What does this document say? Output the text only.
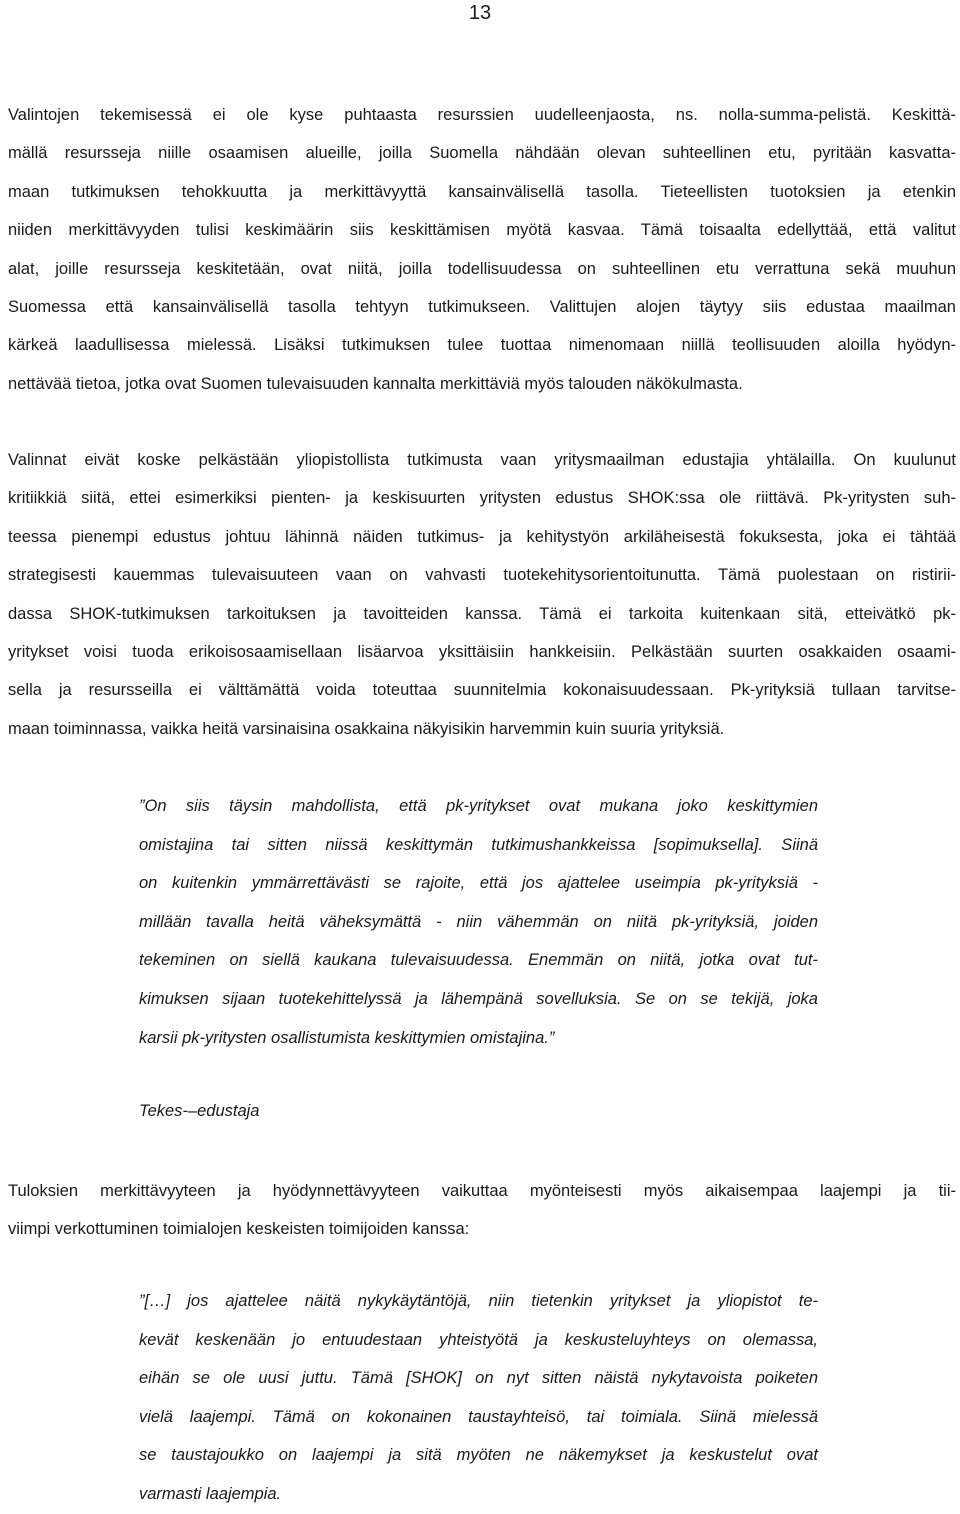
13
Valintojen tekemisessä ei ole kyse puhtaasta resurssien uudelleenjaosta, ns. nolla-summa-pelistä. Keskittä-
mällä resursseja niille osaamisen alueille, joilla Suomella nähdään olevan suhteellinen etu, pyritään kasvatta-
maan tutkimuksen tehokkuutta ja merkittävyyttä kansainvälisellä tasolla. Tieteellisten tuotoksien ja etenkin
niiden merkittävyyden tulisi keskimäärin siis keskittämisen myötä kasvaa. Tämä toisaalta edellyttää, että valitut
alat, joille resursseja keskitetään, ovat niitä, joilla todellisuudessa on suhteellinen etu verrattuna sekä muuhun
Suomessa että kansainvälisellä tasolla tehtyyn tutkimukseen. Valittujen alojen täytyy siis edustaa maailman
kärkeä laadullisessa mielessä. Lisäksi tutkimuksen tulee tuottaa nimenomaan niillä teollisuuden aloilla hyödyn-
nettävää tietoa, jotka ovat Suomen tulevaisuuden kannalta merkittäviä myös talouden näkökulmasta.
Valinnat eivät koske pelkästään yliopistollista tutkimusta vaan yritysmaailman edustajia yhtälailla. On kuulunut
kritiikkiä siitä, ettei esimerkiksi pienten- ja keskisuurten yritysten edustus SHOK:ssa ole riittävä. Pk-yritysten suh-
teessa pienempi edustus johtuu lähinnä näiden tutkimus- ja kehitystyön arkiläheisestä fokuksesta, joka ei tähtää
strategisesti kauemmas tulevaisuuteen vaan on vahvasti tuotekehitysorientoitunutta. Tämä puolestaan on ristirii-
dassa SHOK-tutkimuksen tarkoituksen ja tavoitteiden kanssa. Tämä ei tarkoita kuitenkaan sitä, etteivätkö pk-
yritykset voisi tuoda erikoisosaamisellaan lisäarvoa yksittäisiin hankkeisiin. Pelkästään suurten osakkaiden osaami-
sella ja resursseilla ei välttämättä voida toteuttaa suunnitelmia kokonaisuudessaan. Pk-yrityksiä tullaan tarvitse-
maan toiminnassa, vaikka heitä varsinaisina osakkaina näkyisikin harvemmin kuin suuria yrityksiä.
”On siis täysin mahdollista, että pk-yritykset ovat mukana joko keskittymien
omistajina tai sitten niissä keskittymän tutkimushankkeissa [sopimuksella]. Siinä
on kuitenkin ymmärrettävästi se rajoite, että jos ajattelee useimpia pk-yrityksiä -
millään tavalla heitä väheksymättä - niin vähemmän on niitä pk-yrityksiä, joiden
tekeminen on siellä kaukana tulevaisuudessa. Enemmän on niitä, jotka ovat tut-
kimuksen sijaan tuotekehittelyssä ja lähempänä sovelluksia. Se on se tekijä, joka
karsii pk-yritysten osallistumista keskittymien omistajina.”
Tekes-–edustaja
Tuloksien merkittävyyteen ja hyödynnettävyyteen vaikuttaa myönteisesti myös aikaisempaa laajempi ja tii-
viimpi verkottuminen toimialojen keskeisten toimijoiden kanssa:
”[…] jos ajattelee näitä nykykäytäntöjä, niin tietenkin yritykset ja yliopistot te-
kevät keskenään jo entuudestaan yhteistyötä ja keskusteluyhteys on olemassa,
eihän se ole uusi juttu. Tämä [SHOK] on nyt sitten näistä nykytavoista poiketen
vielä laajempi. Tämä on kokonainen taustayhteisö, tai toimiala. Siinä mielessä
se taustajoukko on laajempi ja sitä myöten ne näkemykset ja keskustelut ovat
varmasti laajempia.
